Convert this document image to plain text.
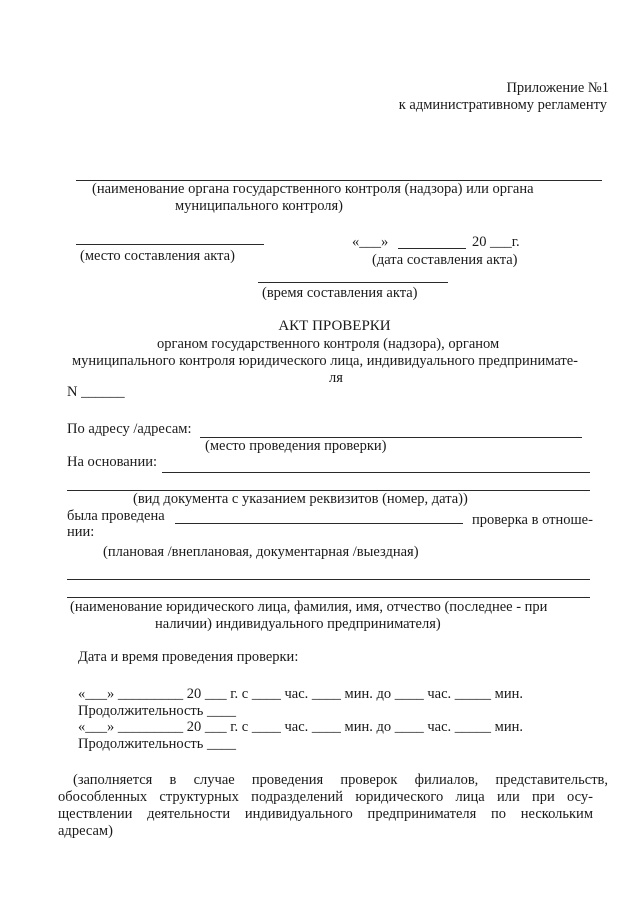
Приложение №1
к административному регламенту
(наименование органа государственного контроля (надзора) или органа
муниципального контроля)
«___»	20 ___г.
(место составления акта)	(дата составления акта)
(время составления акта)
АКТ ПРОВЕРКИ
органом государственного контроля (надзора), органом
муниципального контроля юридического лица, индивидуального предпринимате-
ля
N ______
По адресу /адресам:
(место проведения проверки)
На основании:
(вид документа с указанием реквизитов (номер, дата))
была проведена	проверка в отноше-
нии:
(плановая /внеплановая, документарная /выездная)
(наименование юридического лица, фамилия, имя, отчество (последнее - при
наличии) индивидуального предпринимателя)
Дата и время проведения проверки:
«___» _________ 20 ___ г. с ____ час. ____ мин. до ____ час. _____ мин.
Продолжительность ____
«___» _________ 20 ___ г. с ____ час. ____ мин. до ____ час. _____ мин.
Продолжительность ____
(заполняется в случае проведения проверок филиалов, представительств,
обособленных структурных подразделений юридического лица или при осу-
ществлении деятельности индивидуального предпринимателя по нескольким
адресам)
